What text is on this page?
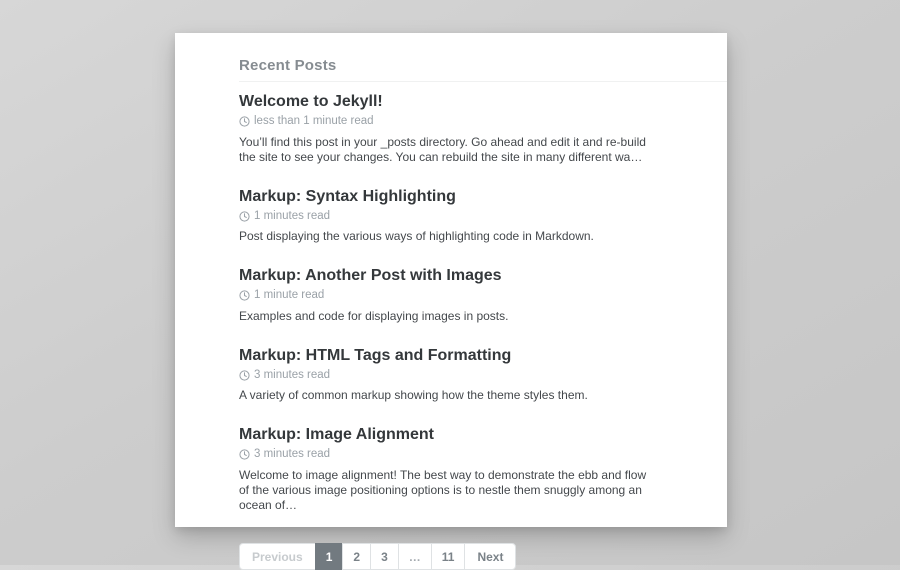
Recent Posts
Welcome to Jekyll!
less than 1 minute read

You’ll find this post in your _posts directory. Go ahead and edit it and re-build the site to see your changes. You can rebuild the site in many different wa…

Markup: Syntax Highlighting
1 minutes read

Post displaying the various ways of highlighting code in Markdown.

Markup: Another Post with Images
1 minute read

Examples and code for displaying images in posts.

Markup: HTML Tags and Formatting
3 minutes read

A variety of common markup showing how the theme styles them.

Markup: Image Alignment
3 minutes read

Welcome to image alignment! The best way to demonstrate the ebb and flow of the various image positioning options is to nestle them snuggly among an ocean of…

Previous	1	2	3	…	11	Next
